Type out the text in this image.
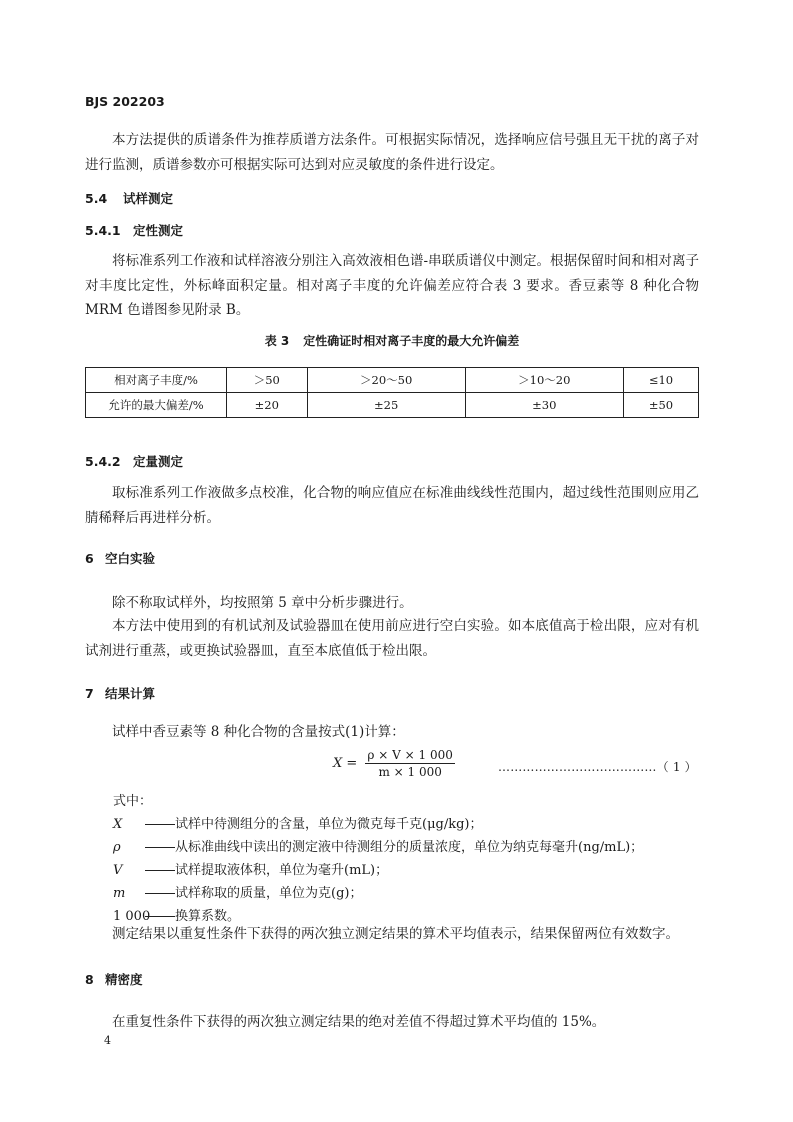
BJS 202203
本方法提供的质谱条件为推荐质谱方法条件。可根据实际情况，选择响应信号强且无干扰的离子对进行监测，质谱参数亦可根据实际可达到对应灵敏度的条件进行设定。
5.4 试样测定
5.4.1 定性测定
将标准系列工作液和试样溶液分别注入高效液相色谱-串联质谱仪中测定。根据保留时间和相对离子对丰度比定性，外标峰面积定量。相对离子丰度的允许偏差应符合表 3 要求。香豆素等 8 种化合物 MRM 色谱图参见附录 B。
表 3 定性确证时相对离子丰度的最大允许偏差
相对离子丰度/%	＞50	＞20～50	＞10～20	≤10
允许的最大偏差/%	±20	±25	±30	±50
5.4.2 定量测定
取标准系列工作液做多点校准，化合物的响应值应在标准曲线线性范围内，超过线性范围则应用乙腈稀释后再进样分析。
6 空白实验
除不称取试样外，均按照第 5 章中分析步骤进行。
本方法中使用到的有机试剂及试验器皿在使用前应进行空白实验。如本底值高于检出限，应对有机试剂进行重蒸，或更换试验器皿，直至本底值低于检出限。
7 结果计算
试样中香豆素等 8 种化合物的含量按式(1)计算：
$X = \frac{\rho \times V \times 1 000}{m \times 1 000}$	…………………………………（ 1 ）
式中：
X	试样中待测组分的含量，单位为微克每千克(μg/kg)；
ρ	从标准曲线中读出的测定液中待测组分的质量浓度，单位为纳克每毫升(ng/mL)；
V	试样提取液体积，单位为毫升(mL)；
m	试样称取的质量，单位为克(g)；
1 000 换算系数。
测定结果以重复性条件下获得的两次独立测定结果的算术平均值表示，结果保留两位有效数字。
8 精密度
在重复性条件下获得的两次独立测定结果的绝对差值不得超过算术平均值的 15%。
4
